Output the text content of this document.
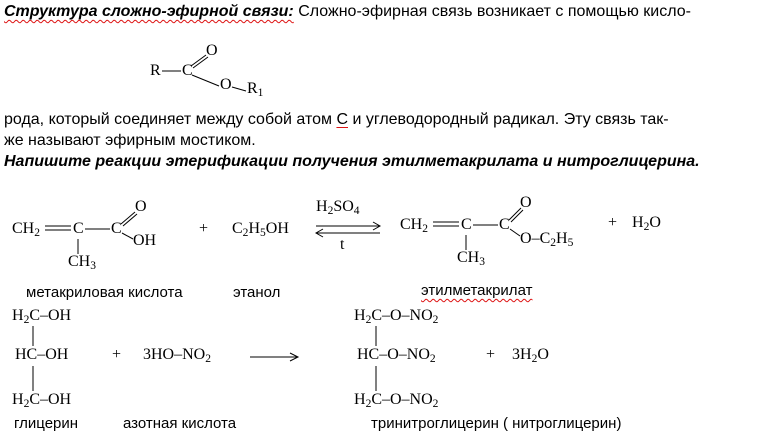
Структура сложно-эфирной связи: Сложно-эфирная связь возникает с помощью кисло-
R C
O
O $R_1$
рода, который соединяет между собой атом С и углеводородный радикал. Эту связь так-
же называют эфирным мостиком.
Напишите реакции этерификации получения этилметакрилата и нитроглицерина.
$CH_2$ C C
O
OH
$CH_3$
+ $C_2H_5OH$
$H_2SO_4$
t
$CH_2$ C C
O
$O-C_2H_5$
$CH_3$
+ $H_2O$
метакриловая кислота	этанол	этилметакрилат
$H_2C-OH$
HC–OH
$H_2C-OH$
+ $3HO-NO_2$
$H_2C-O-NO_2$
$HC-O-NO_2$
$H_2C-O-NO_2$
+ $3H_2O$
глицерин	азотная кислота	тринитроглицерин ( нитроглицерин)
